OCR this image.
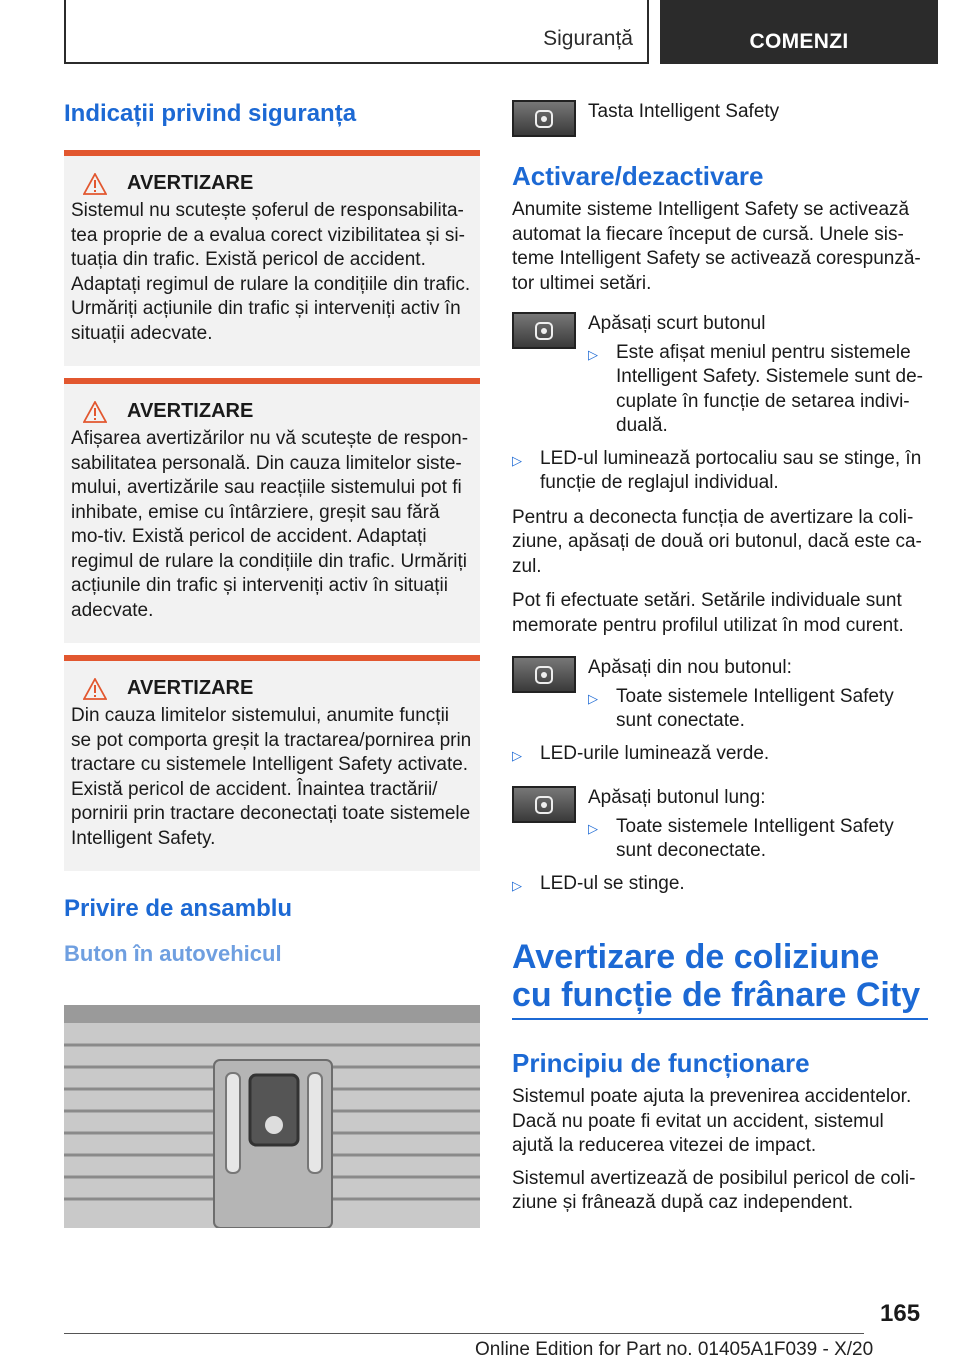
Siguranță	COMENZI
Indicații privind siguranța
AVERTIZARE

Sistemul nu scutește șoferul de responsabilita-tea proprie de a evalua corect vizibilitatea și si-tuația din trafic. Există pericol de accident. Adaptați regimul de rulare la condițiile din trafic. Urmăriți acțiunile din trafic și interveniți activ în situații adecvate.

AVERTIZARE

Afișarea avertizărilor nu vă scutește de respon-sabilitatea personală. Din cauza limitelor siste-mului, avertizările sau reacțiile sistemului pot fi inhibate, emise cu întârziere, greșit sau fără mo-tiv. Există pericol de accident. Adaptați regimul de rulare la condițiile din trafic. Urmăriți acțiunile din trafic și interveniți activ în situații adecvate.

AVERTIZARE

Din cauza limitelor sistemului, anumite funcții se pot comporta greșit la tractarea/pornirea prin tractare cu sistemele Intelligent Safety activate. Există pericol de accident. Înaintea tractării/ pornirii prin tractare deconectați toate sistemele Intelligent Safety.

Privire de ansamblu
Buton în autovehicul
Tasta Intelligent Safety
Activare/dezactivare

Anumite sisteme Intelligent Safety se activează automat la fiecare început de cursă. Unele sis-teme Intelligent Safety se activează corespunză-tor ultimei setări.

Apăsați scurt butonul
▷ Este afișat meniul pentru sistemele Intelligent Safety. Sistemele sunt de-cuplate în funcție de setarea indivi-duală.
▷ LED-ul luminează portocaliu sau se stinge, în funcție de reglajul individual.

Pentru a deconecta funcția de avertizare la coli-ziune, apăsați de două ori butonul, dacă este ca-zul.

Pot fi efectuate setări. Setările individuale sunt memorate pentru profilul utilizat în mod curent.

Apăsați din nou butonul:
▷ Toate sistemele Intelligent Safety sunt conectate.
▷ LED-urile luminează verde.
Apăsați butonul lung:
▷ Toate sistemele Intelligent Safety sunt deconectate.
▷ LED-ul se stinge.
Avertizare de coliziune cu funcție de frânare City
Principiu de funcționare

Sistemul poate ajuta la prevenirea accidentelor. Dacă nu poate fi evitat un accident, sistemul ajută la reducerea vitezei de impact.

Sistemul avertizează de posibilul pericol de coli-ziune și frânează după caz independent.

165
Online Edition for Part no. 01405A1F039 - X/20
